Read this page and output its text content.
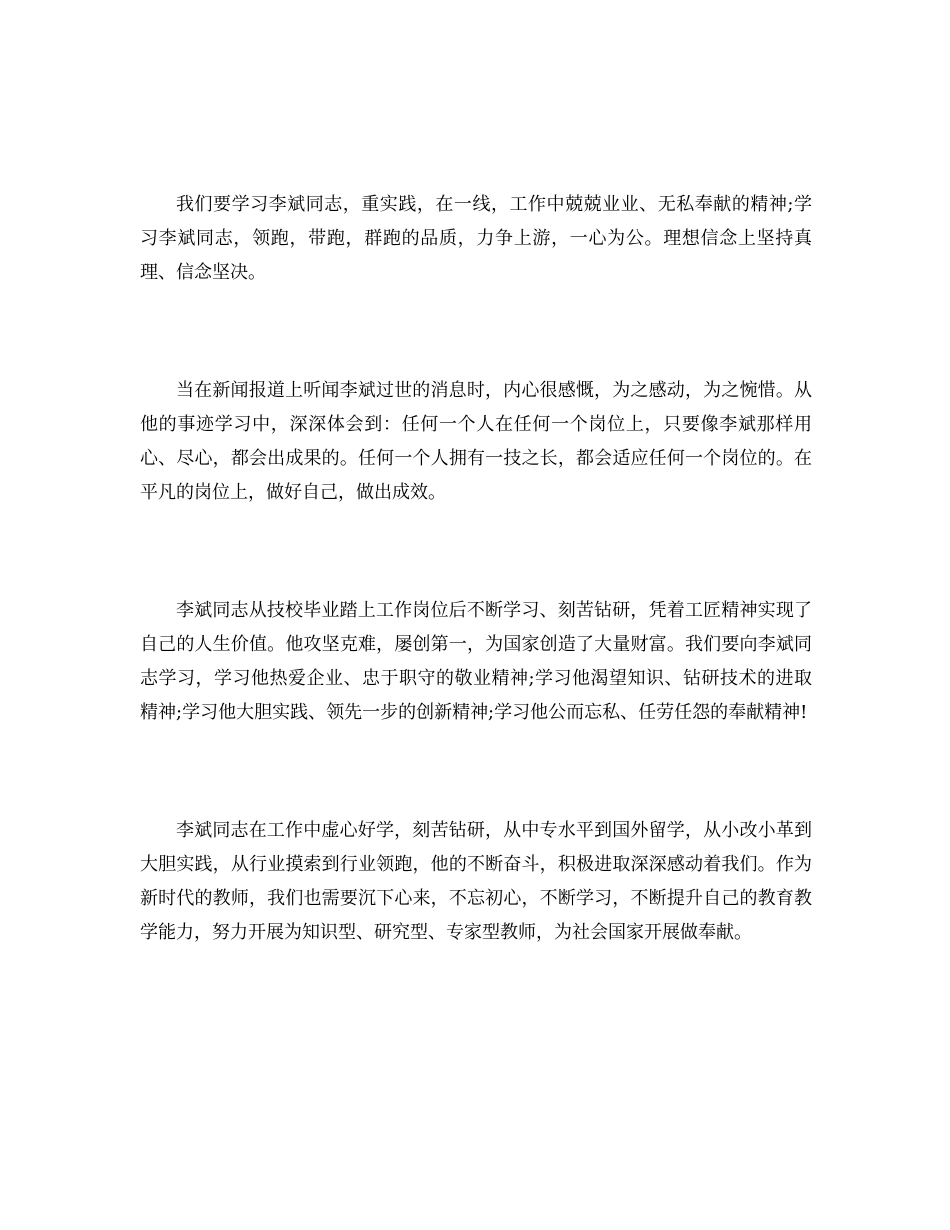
我们要学习李斌同志，重实践，在一线，工作中兢兢业业、无私奉献的精神;学习李斌同志，领跑，带跑，群跑的品质，力争上游，一心为公。理想信念上坚持真理、信念坚决。

当在新闻报道上听闻李斌过世的消息时，内心很感慨，为之感动，为之惋惜。从他的事迹学习中，深深体会到：任何一个人在任何一个岗位上，只要像李斌那样用心、尽心，都会出成果的。任何一个人拥有一技之长，都会适应任何一个岗位的。在平凡的岗位上，做好自己，做出成效。

李斌同志从技校毕业踏上工作岗位后不断学习、刻苦钻研，凭着工匠精神实现了自己的人生价值。他攻坚克难，屡创第一，为国家创造了大量财富。我们要向李斌同志学习，学习他热爱企业、忠于职守的敬业精神;学习他渴望知识、钻研技术的进取精神;学习他大胆实践、领先一步的创新精神;学习他公而忘私、任劳任怨的奉献精神!

李斌同志在工作中虚心好学，刻苦钻研，从中专水平到国外留学，从小改小革到大胆实践，从行业摸索到行业领跑，他的不断奋斗，积极进取深深感动着我们。作为新时代的教师，我们也需要沉下心来，不忘初心，不断学习，不断提升自己的教育教学能力，努力开展为知识型、研究型、专家型教师，为社会国家开展做奉献。
